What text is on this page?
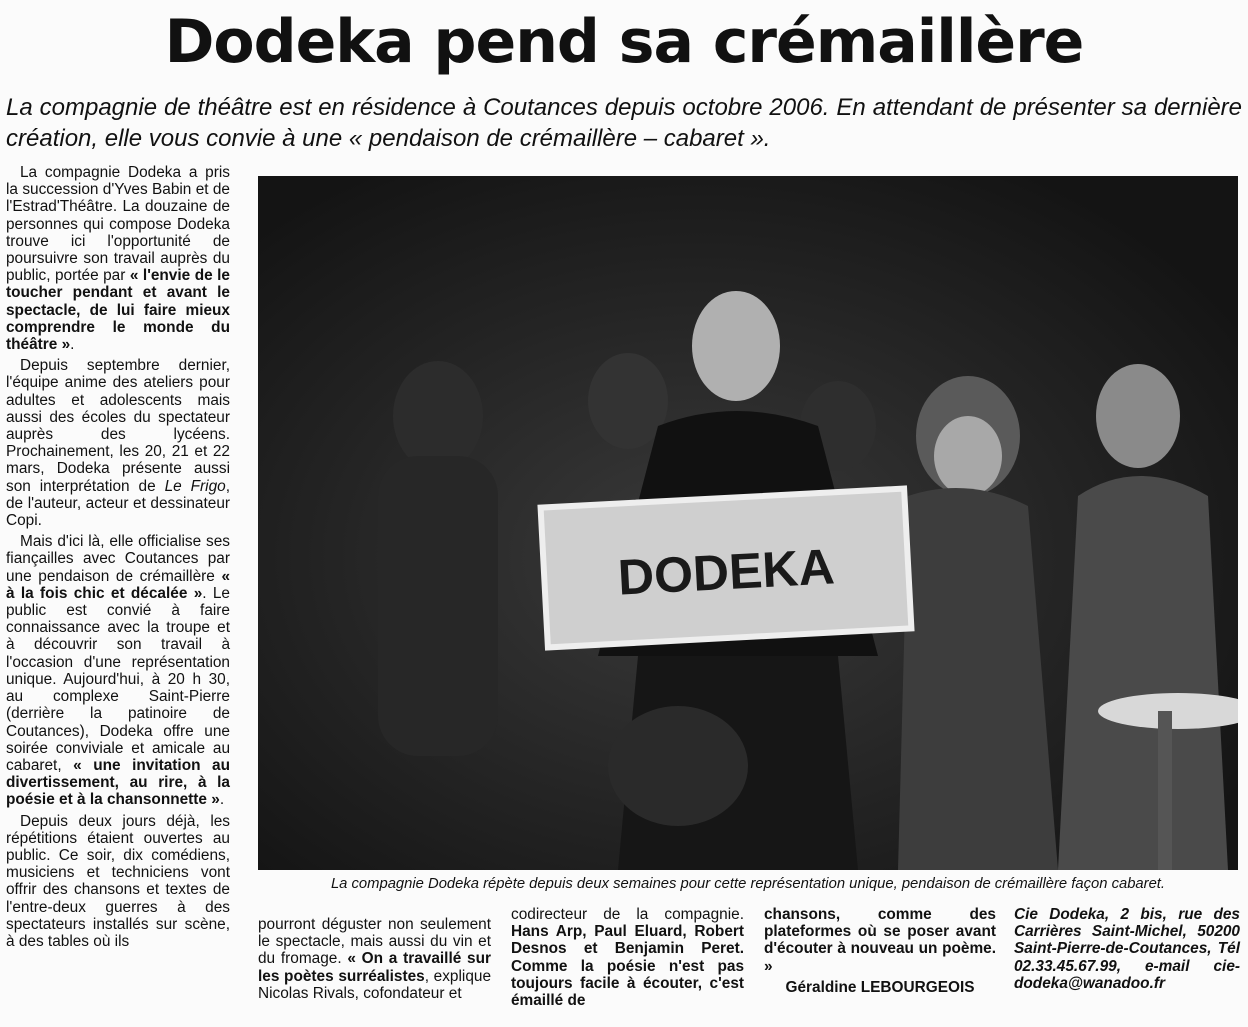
Dodeka pend sa crémaillère

La compagnie de théâtre est en résidence à Coutances depuis octobre 2006. En attendant de présenter sa dernière création, elle vous convie à une « pendaison de crémaillère – cabaret ».

La compagnie Dodeka a pris la succession d'Yves Babin et de l'Estrad'Théâtre. La douzaine de personnes qui compose Dodeka trouve ici l'opportunité de poursuivre son travail auprès du public, portée par « l'envie de le toucher pendant et avant le spectacle, de lui faire mieux comprendre le monde du théâtre ».

Depuis septembre dernier, l'équipe anime des ateliers pour adultes et adolescents mais aussi des écoles du spectateur auprès des lycéens. Prochainement, les 20, 21 et 22 mars, Dodeka présente aussi son interprétation de Le Frigo, de l'auteur, acteur et dessinateur Copi.

Mais d'ici là, elle officialise ses fiançailles avec Coutances par une pendaison de crémaillère « à la fois chic et décalée ». Le public est convié à faire connaissance avec la troupe et à découvrir son travail à l'occasion d'une représentation unique. Aujourd'hui, à 20 h 30, au complexe Saint-Pierre (derrière la patinoire de Coutances), Dodeka offre une soirée conviviale et amicale au cabaret, « une invitation au divertissement, au rire, à la poésie et à la chansonnette ».

Depuis deux jours déjà, les répétitions étaient ouvertes au public. Ce soir, dix comédiens, musiciens et techniciens vont offrir des chansons et textes de l'entre-deux guerres à des spectateurs installés sur scène, à des tables où ils

DODEKA

La compagnie Dodeka répète depuis deux semaines pour cette représentation unique, pendaison de crémaillère façon cabaret.

pourront déguster non seulement le spectacle, mais aussi du vin et du fromage. « On a travaillé sur les poètes surréalistes, explique Nicolas Rivals, cofondateur et

codirecteur de la compagnie. Hans Arp, Paul Eluard, Robert Desnos et Benjamin Peret. Comme la poésie n'est pas toujours facile à écouter, c'est émaillé de

chansons, comme des plateformes où se poser avant d'écouter à nouveau un poème. »

Géraldine LEBOURGEOIS

Cie Dodeka, 2 bis, rue des Carrières Saint-Michel, 50200 Saint-Pierre-de-Coutances, Tél 02.33.45.67.99, e-mail cie-dodeka@wanadoo.fr
